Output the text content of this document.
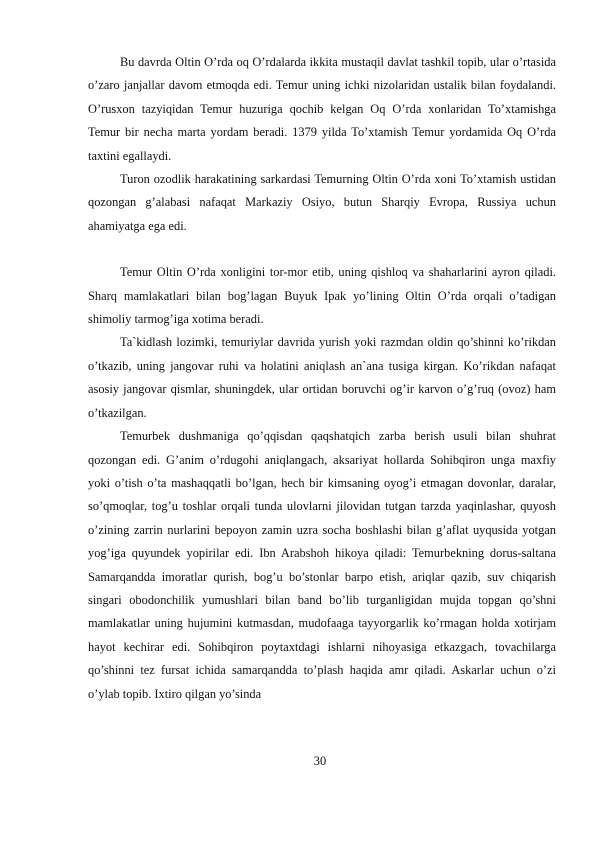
Bu davrda Oltin O’rda oq O’rdalarda ikkita mustaqil davlat tashkil topib, ular o’rtasida o’zaro janjallar davom etmoqda edi. Temur uning ichki nizolaridan ustalik bilan foydalandi. O’rusxon tazyiqidan Temur huzuriga qochib kelgan Oq O’rda xonlaridan To’xtamishga Temur bir necha marta yordam beradi. 1379 yilda To’xtamish Temur yordamida Oq O’rda taxtini egallaydi.

Turon ozodlik harakatining sarkardasi Temurning Oltin O’rda xoni To’xtamish ustidan qozongan g’alabasi nafaqat Markaziy Osiyo, butun Sharqiy Evropa, Russiya uchun ahamiyatga ega edi.

Temur Oltin O’rda xonligini tor-mor etib, uning qishloq va shaharlarini ayron qiladi. Sharq mamlakatlari bilan bog’lagan Buyuk Ipak yo’lining Oltin O’rda orqali o’tadigan shimoliy tarmog’iga xotima beradi.

Ta`kidlash lozimki, temuriylar davrida yurish yoki razmdan oldin qo’shinni ko’rikdan o’tkazib, uning jangovar ruhi va holatini aniqlash an`ana tusiga kirgan. Ko’rikdan nafaqat asosiy jangovar qismlar, shuningdek, ular ortidan boruvchi og’ir karvon o’g’ruq (ovoz) ham o’tkazilgan.

Temurbek dushmaniga qo’qqisdan qaqshatqich zarba berish usuli bilan shuhrat qozongan edi. G’anim o’rdugohi aniqlangach, aksariyat hollarda Sohibqiron unga maxfiy yoki o’tish o’ta mashaqqatli bo’lgan, hech bir kimsaning oyog’i etmagan dovonlar, daralar, so’qmoqlar, tog’u toshlar orqali tunda ulovlarni jilovidan tutgan tarzda yaqinlashar, quyosh o’zining zarrin nurlarini bepoyon zamin uzra socha boshlashi bilan g’aflat uyqusida yotgan yog’iga quyundek yopirilar edi. Ibn Arabshoh hikoya qiladi: Temurbekning dorus-saltana Samarqandda imoratlar qurish, bog’u bo’stonlar barpo etish, ariqlar qazib, suv chiqarish singari obodonchilik yumushlari bilan band bo’lib turganligidan mujda topgan qo’shni mamlakatlar uning hujumini kutmasdan, mudofaaga tayyorgarlik ko’rmagan holda xotirjam hayot kechirar edi. Sohibqiron poytaxtdagi ishlarni nihoyasiga etkazgach, tovachilarga qo’shinni tez fursat ichida samarqandda to’plash haqida amr qiladi. Askarlar uchun o’zi o’ylab topib. Ixtiro qilgan yo’sinda

30
